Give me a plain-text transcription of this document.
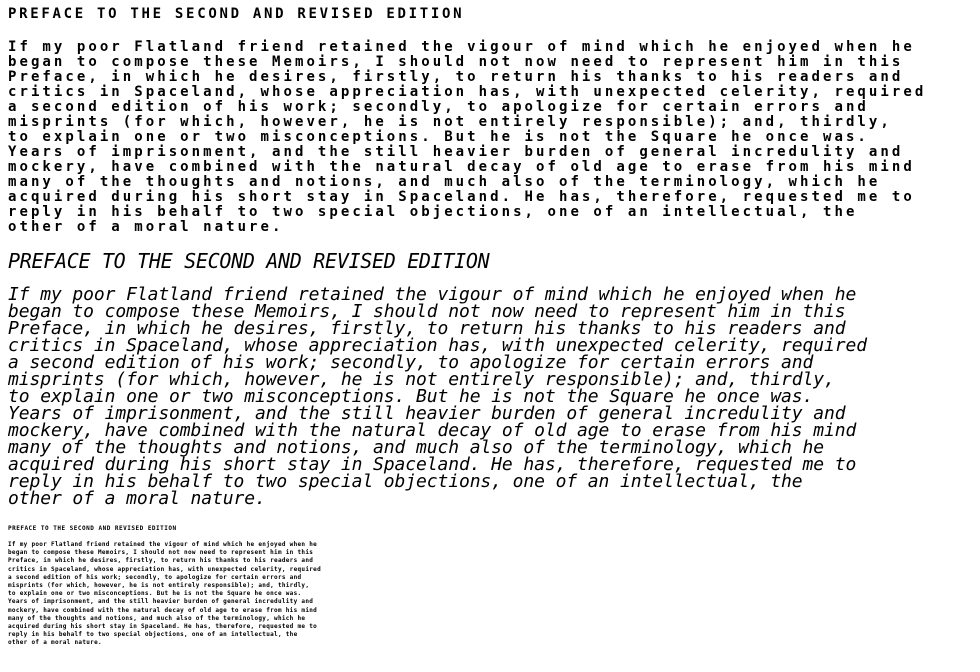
PREFACE TO THE SECOND AND REVISED EDITION

If my poor Flatland friend retained the vigour of mind which he enjoyed when he
began to compose these Memoirs, I should not now need to represent him in this
Preface, in which he desires, firstly, to return his thanks to his readers and
critics in Spaceland, whose appreciation has, with unexpected celerity, required
a second edition of his work; secondly, to apologize for certain errors and
misprints (for which, however, he is not entirely responsible); and, thirdly,
to explain one or two misconceptions. But he is not the Square he once was.
Years of imprisonment, and the still heavier burden of general incredulity and
mockery, have combined with the natural decay of old age to erase from his mind
many of the thoughts and notions, and much also of the terminology, which he
acquired during his short stay in Spaceland. He has, therefore, requested me to
reply in his behalf to two special objections, one of an intellectual, the
other of a moral nature.

PREFACE TO THE SECOND AND REVISED EDITION

If my poor Flatland friend retained the vigour of mind which he enjoyed when he
began to compose these Memoirs, I should not now need to represent him in this
Preface, in which he desires, firstly, to return his thanks to his readers and
critics in Spaceland, whose appreciation has, with unexpected celerity, required
a second edition of his work; secondly, to apologize for certain errors and
misprints (for which, however, he is not entirely responsible); and, thirdly,
to explain one or two misconceptions. But he is not the Square he once was.
Years of imprisonment, and the still heavier burden of general incredulity and
mockery, have combined with the natural decay of old age to erase from his mind
many of the thoughts and notions, and much also of the terminology, which he
acquired during his short stay in Spaceland. He has, therefore, requested me to
reply in his behalf to two special objections, one of an intellectual, the
other of a moral nature.

PREFACE TO THE SECOND AND REVISED EDITION

If my poor Flatland friend retained the vigour of mind which he enjoyed when he
began to compose these Memoirs, I should not now need to represent him in this
Preface, in which he desires, firstly, to return his thanks to his readers and
critics in Spaceland, whose appreciation has, with unexpected celerity, required
a second edition of his work; secondly, to apologize for certain errors and
misprints (for which, however, he is not entirely responsible); and, thirdly,
to explain one or two misconceptions. But he is not the Square he once was.
Years of imprisonment, and the still heavier burden of general incredulity and
mockery, have combined with the natural decay of old age to erase from his mind
many of the thoughts and notions, and much also of the terminology, which he
acquired during his short stay in Spaceland. He has, therefore, requested me to
reply in his behalf to two special objections, one of an intellectual, the
other of a moral nature.
